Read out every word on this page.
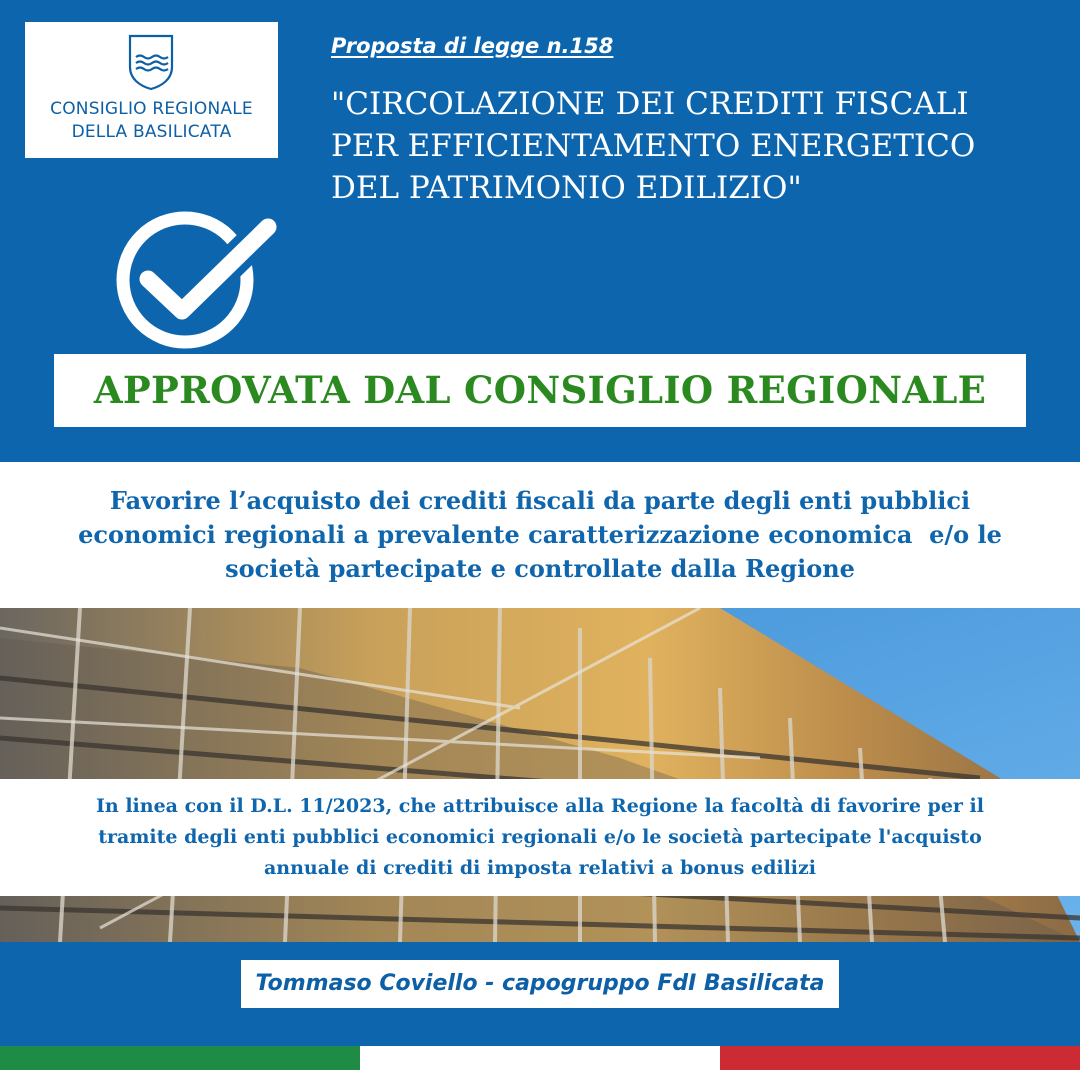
CONSIGLIO REGIONALE
DELLA BASILICATA
Proposta di legge n.158
"CIRCOLAZIONE DEI CREDITI FISCALI
PER EFFICIENTAMENTO ENERGETICO
DEL PATRIMONIO EDILIZIO"
APPROVATA DAL CONSIGLIO REGIONALE
Favorire l’acquisto dei crediti fiscali da parte degli enti pubblici
economici regionali a prevalente caratterizzazione economica  e/o le
società partecipate e controllate dalla Regione
In linea con il D.L. 11/2023, che attribuisce alla Regione la facoltà di favorire per il
tramite degli enti pubblici economici regionali e/o le società partecipate l'acquisto
annuale di crediti di imposta relativi a bonus edilizi
Tommaso Coviello - capogruppo FdI Basilicata
